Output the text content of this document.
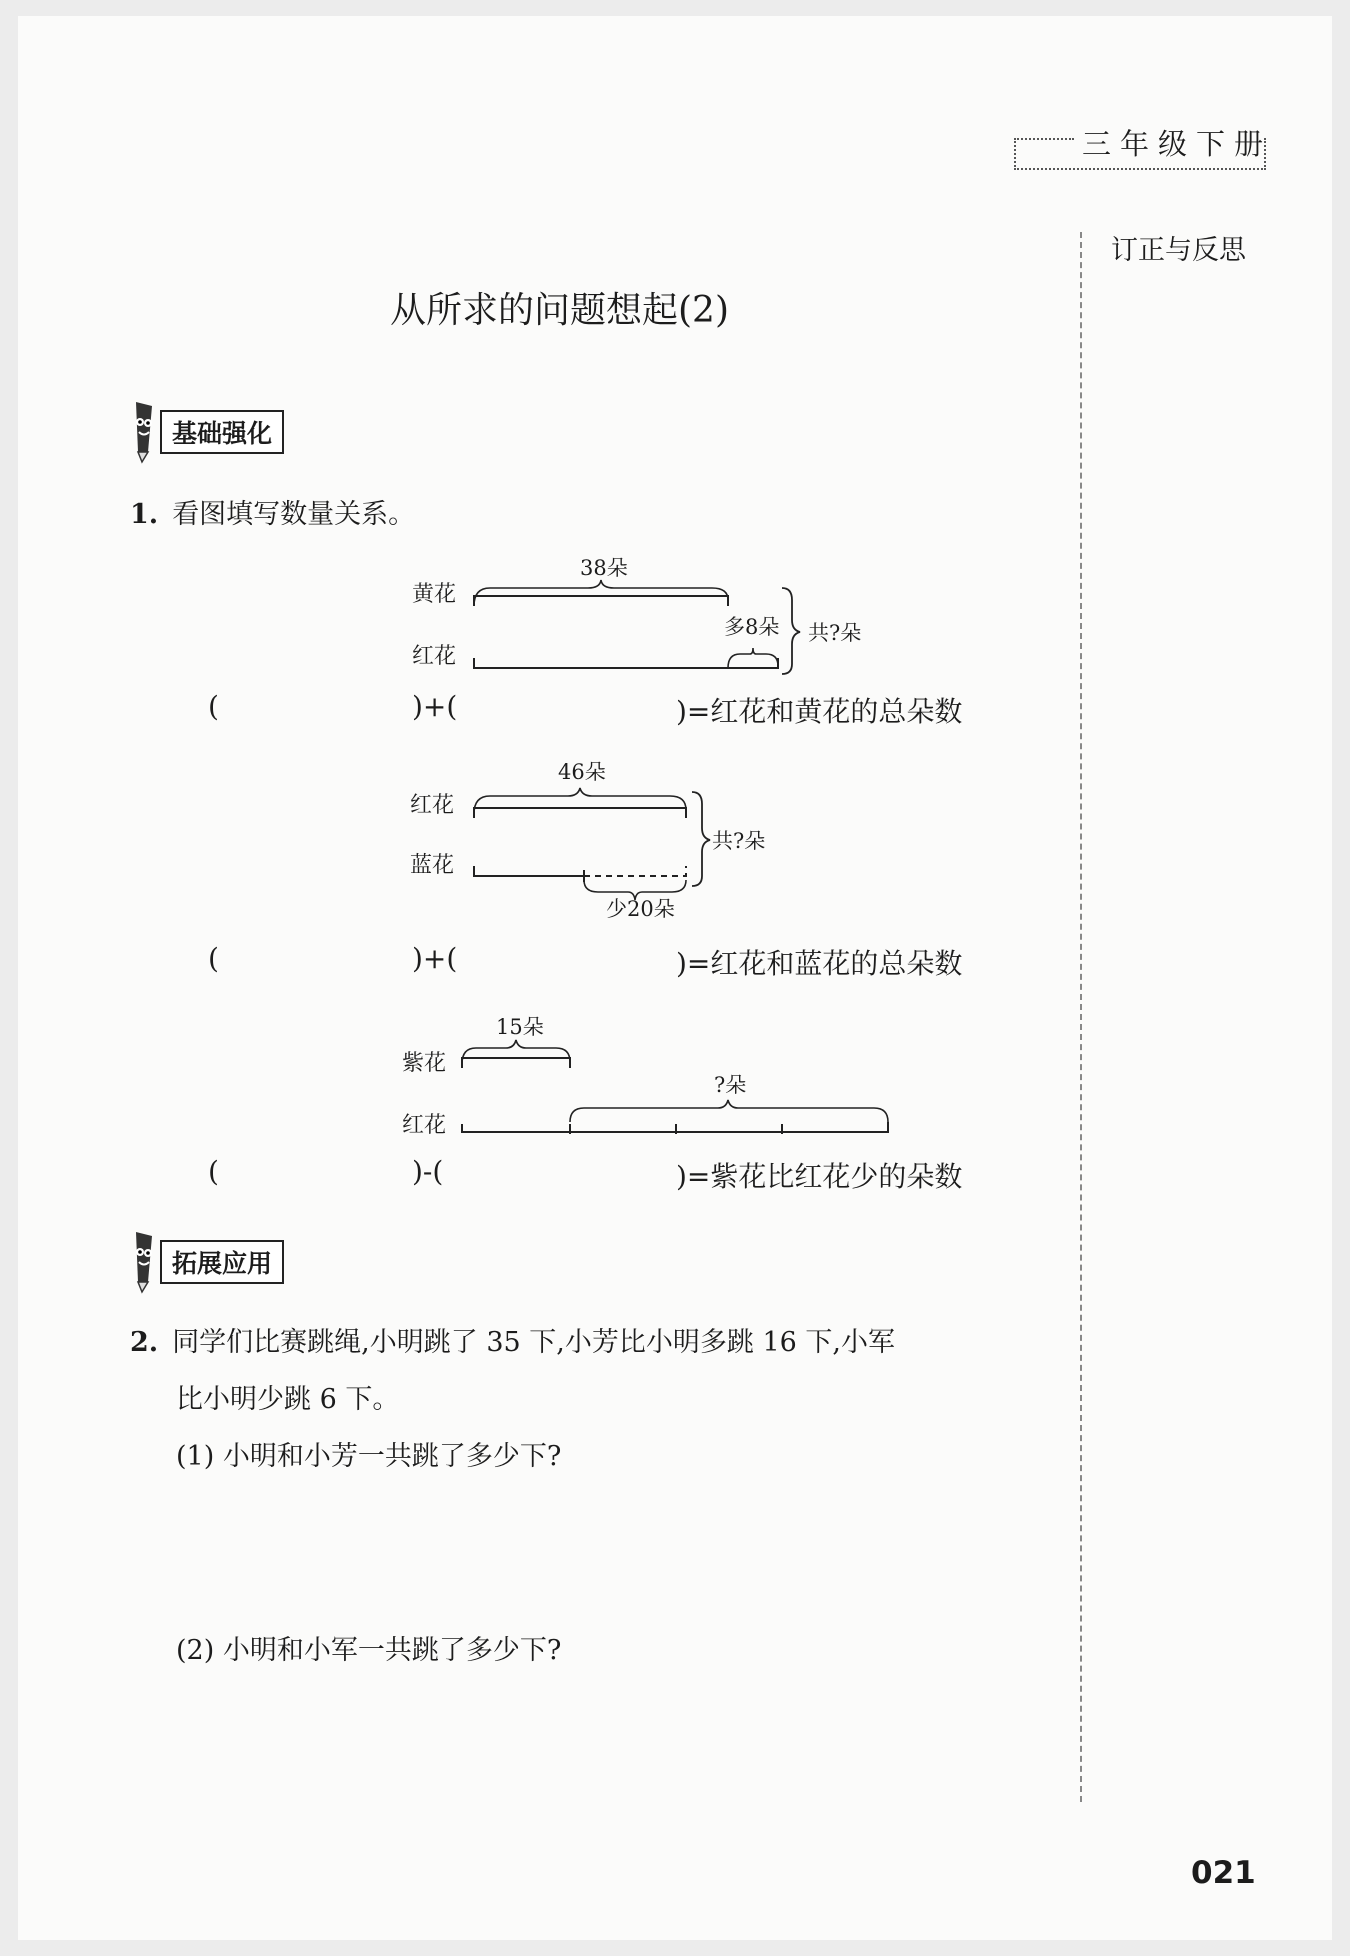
三年级下册
订正与反思
从所求的问题想起(2)
基础强化
1. 看图填写数量关系。
黄花
红花
38朵
多8朵 共?朵
(	)+(	)=红花和黄花的总朵数
红花
蓝花
46朵
少20朵
共?朵
(	)+(	)=红花和蓝花的总朵数
紫花
红花
15朵
?朵
(	)-(	)=紫花比红花少的朵数
拓展应用
2. 同学们比赛跳绳,小明跳了 35 下,小芳比小明多跳 16 下,小军
比小明少跳 6 下。
(1) 小明和小芳一共跳了多少下?
(2) 小明和小军一共跳了多少下?
021
